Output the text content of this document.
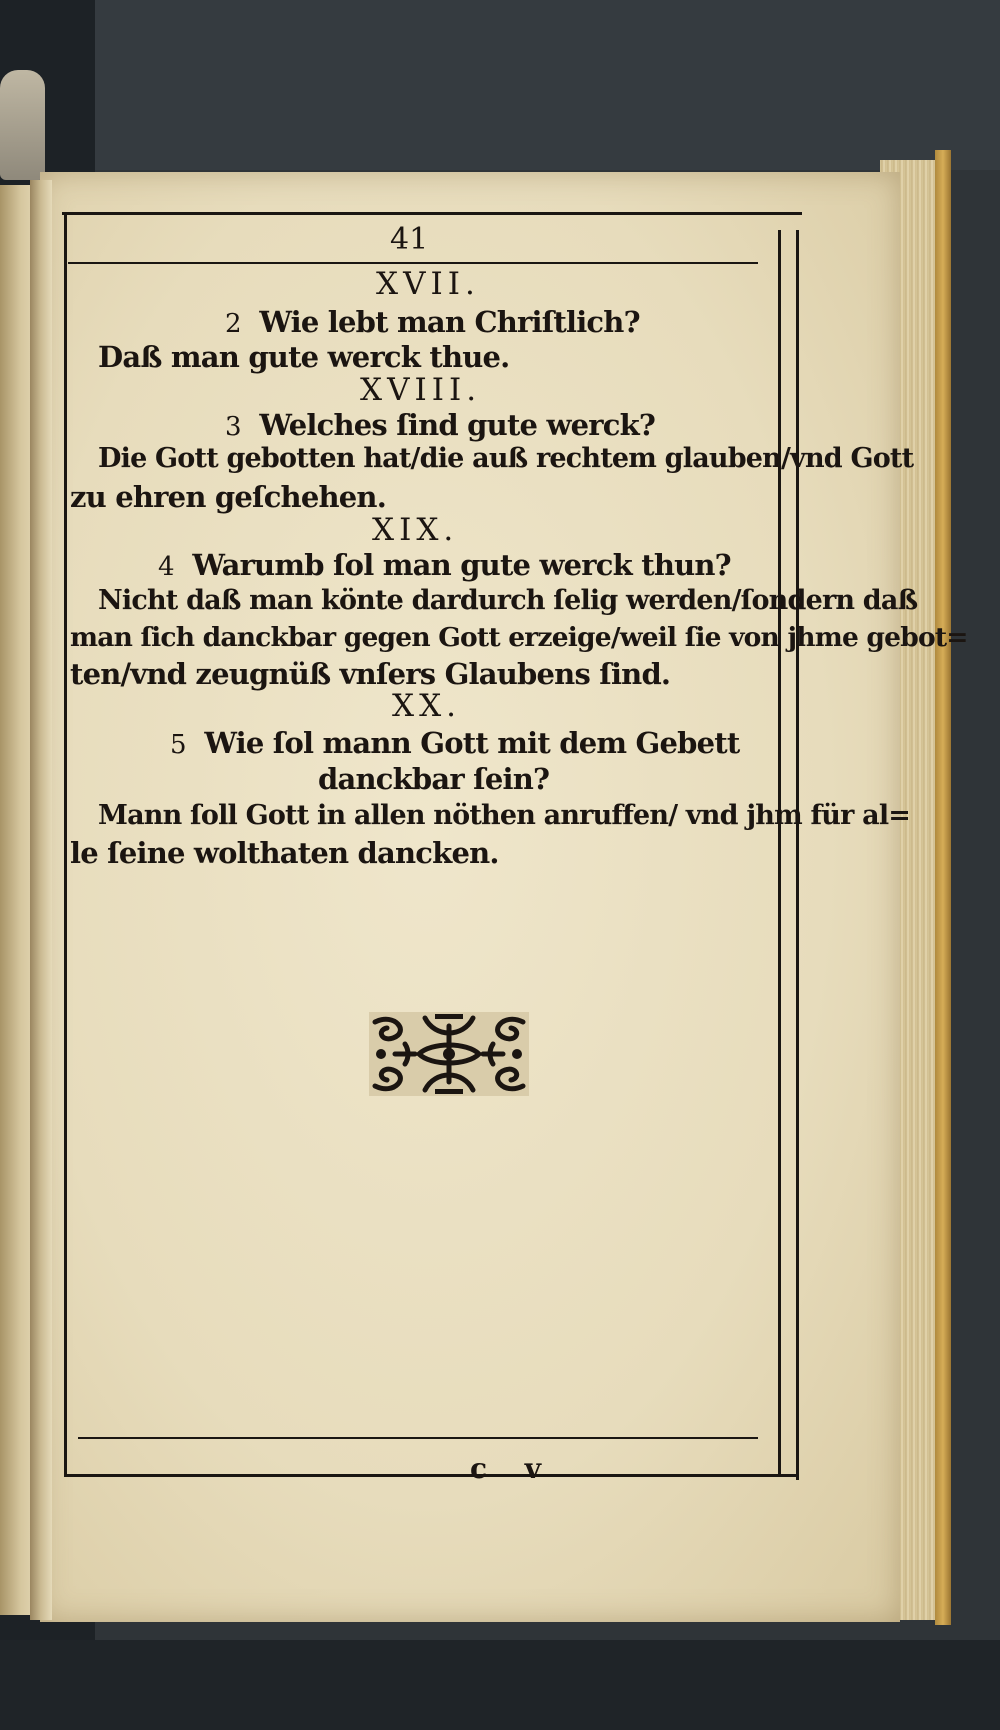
41
XVII.
2 Wie lebt man Chriſtlich?
Daß man gute werck thue.
XVIII.
3 Welches ſind gute werck?
Die Gott gebotten hat/die auß rechtem glauben/vnd Gott
zu ehren geſchehen.
XIX.
4 Warumb ſol man gute werck thun?
Nicht daß man könte dardurch ſelig werden/ſondern daß
man ſich danckbar gegen Gott erzeige/weil ſie von jhme gebot=
ten/vnd zeugnüß vnſers Glaubens ſind.
XX.
5 Wie ſol mann Gott mit dem Gebett
danckbar ſein?
Mann ſoll Gott in allen nöthen anruffen/ vnd jhm für al=
le ſeine wolthaten dancken.
c v
